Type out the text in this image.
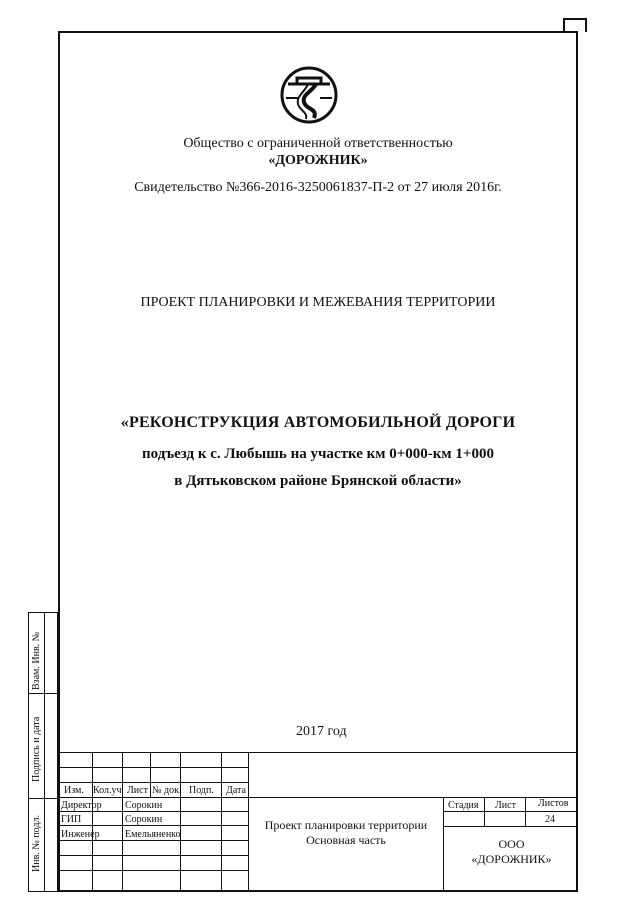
Общество с ограниченной ответственностью
«ДОРОЖНИК»
Свидетельство №366-2016-3250061837-П-2 от 27 июля 2016г.
ПРОЕКТ ПЛАНИРОВКИ И МЕЖЕВАНИЯ ТЕРРИТОРИИ
«РЕКОНСТРУКЦИЯ АВТОМОБИЛЬНОЙ ДОРОГИ
подъезд к с. Любышь на участке км 0+000-км 1+000
в Дятьковском районе Брянской области»
2017 год
Взам. Инв. №
Подпись и дата
Инв. № подл.
Изм. Кол.уч Лист № док. Подп. Дата
Директор Сорокин
ГИП	Сорокин
Инженер	Емельяненко
Проект планировки территории
Основная часть
Стадия Лист Листов
24
ООО
«ДОРОЖНИК»
